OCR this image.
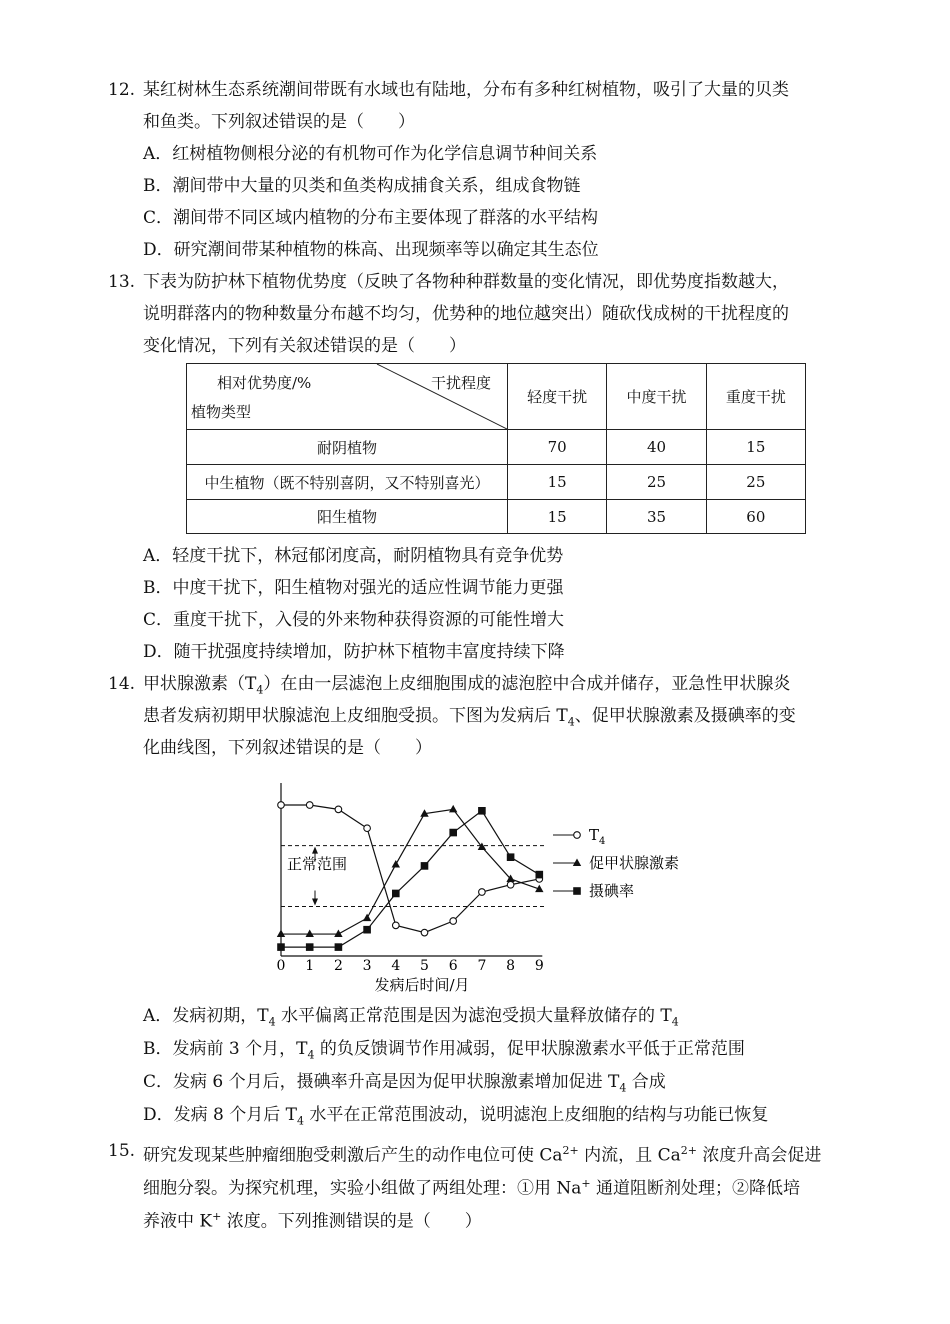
12. 某红树林生态系统潮间带既有水域也有陆地，分布有多种红树植物，吸引了大量的贝类
和鱼类。下列叙述错误的是（　　）
A．红树植物侧根分泌的有机物可作为化学信息调节种间关系
B．潮间带中大量的贝类和鱼类构成捕食关系，组成食物链
C．潮间带不同区域内植物的分布主要体现了群落的水平结构
D．研究潮间带某种植物的株高、出现频率等以确定其生态位
13. 下表为防护林下植物优势度（反映了各物种种群数量的变化情况，即优势度指数越大，
说明群落内的物种数量分布越不均匀，优势种的地位越突出）随砍伐成树的干扰程度的
变化情况，下列有关叙述错误的是（　　）
相对优势度/% 干扰程度
植物类型	轻度干扰	中度干扰	重度干扰
耐阴植物	70	40	15
中生植物（既不特别喜阴，又不特别喜光）	15	25	25
阳生植物	15	35	60
A．轻度干扰下，林冠郁闭度高，耐阴植物具有竞争优势
B．中度干扰下，阳生植物对强光的适应性调节能力更强
C．重度干扰下，入侵的外来物种获得资源的可能性增大
D．随干扰强度持续增加，防护林下植物丰富度持续下降
14. 甲状腺激素$(T_4)$在由一层滤泡上皮细胞围成的滤泡腔中合成并储存，亚急性甲状腺炎
患者发病初期甲状腺滤泡上皮细胞受损。下图为发病后 $T_4$、促甲状腺激素及摄碘率的变
化曲线图，下列叙述错误的是（　　）
0 1 2 3 4 5 6 7 8 9
$T_4$
促甲状腺激素
摄碘率
发病后时间/月
正常范围
A．发病初期，$T_4$ 水平偏离正常范围是因为滤泡受损大量释放储存的 $T_4$
B．发病前 3 个月，$T_4$ 的负反馈调节作用减弱，促甲状腺激素水平低于正常范围
C．发病 6 个月后，摄碘率升高是因为促甲状腺激素增加促进 $T_4$ 合成
D．发病 8 个月后 $T_4$ 水平在正常范围波动，说明滤泡上皮细胞的结构与功能已恢复
15. 研究发现某些肿瘤细胞受刺激后产生的动作电位可使 $Ca^{2+}$ 内流，且 $Ca^{2+}$ 浓度升高会促进
细胞分裂。为探究机理，实验小组做了两组处理：①用 Na+ 通道阻断剂处理；②降低培
养液中 K+ 浓度。下列推测错误的是（　　）
